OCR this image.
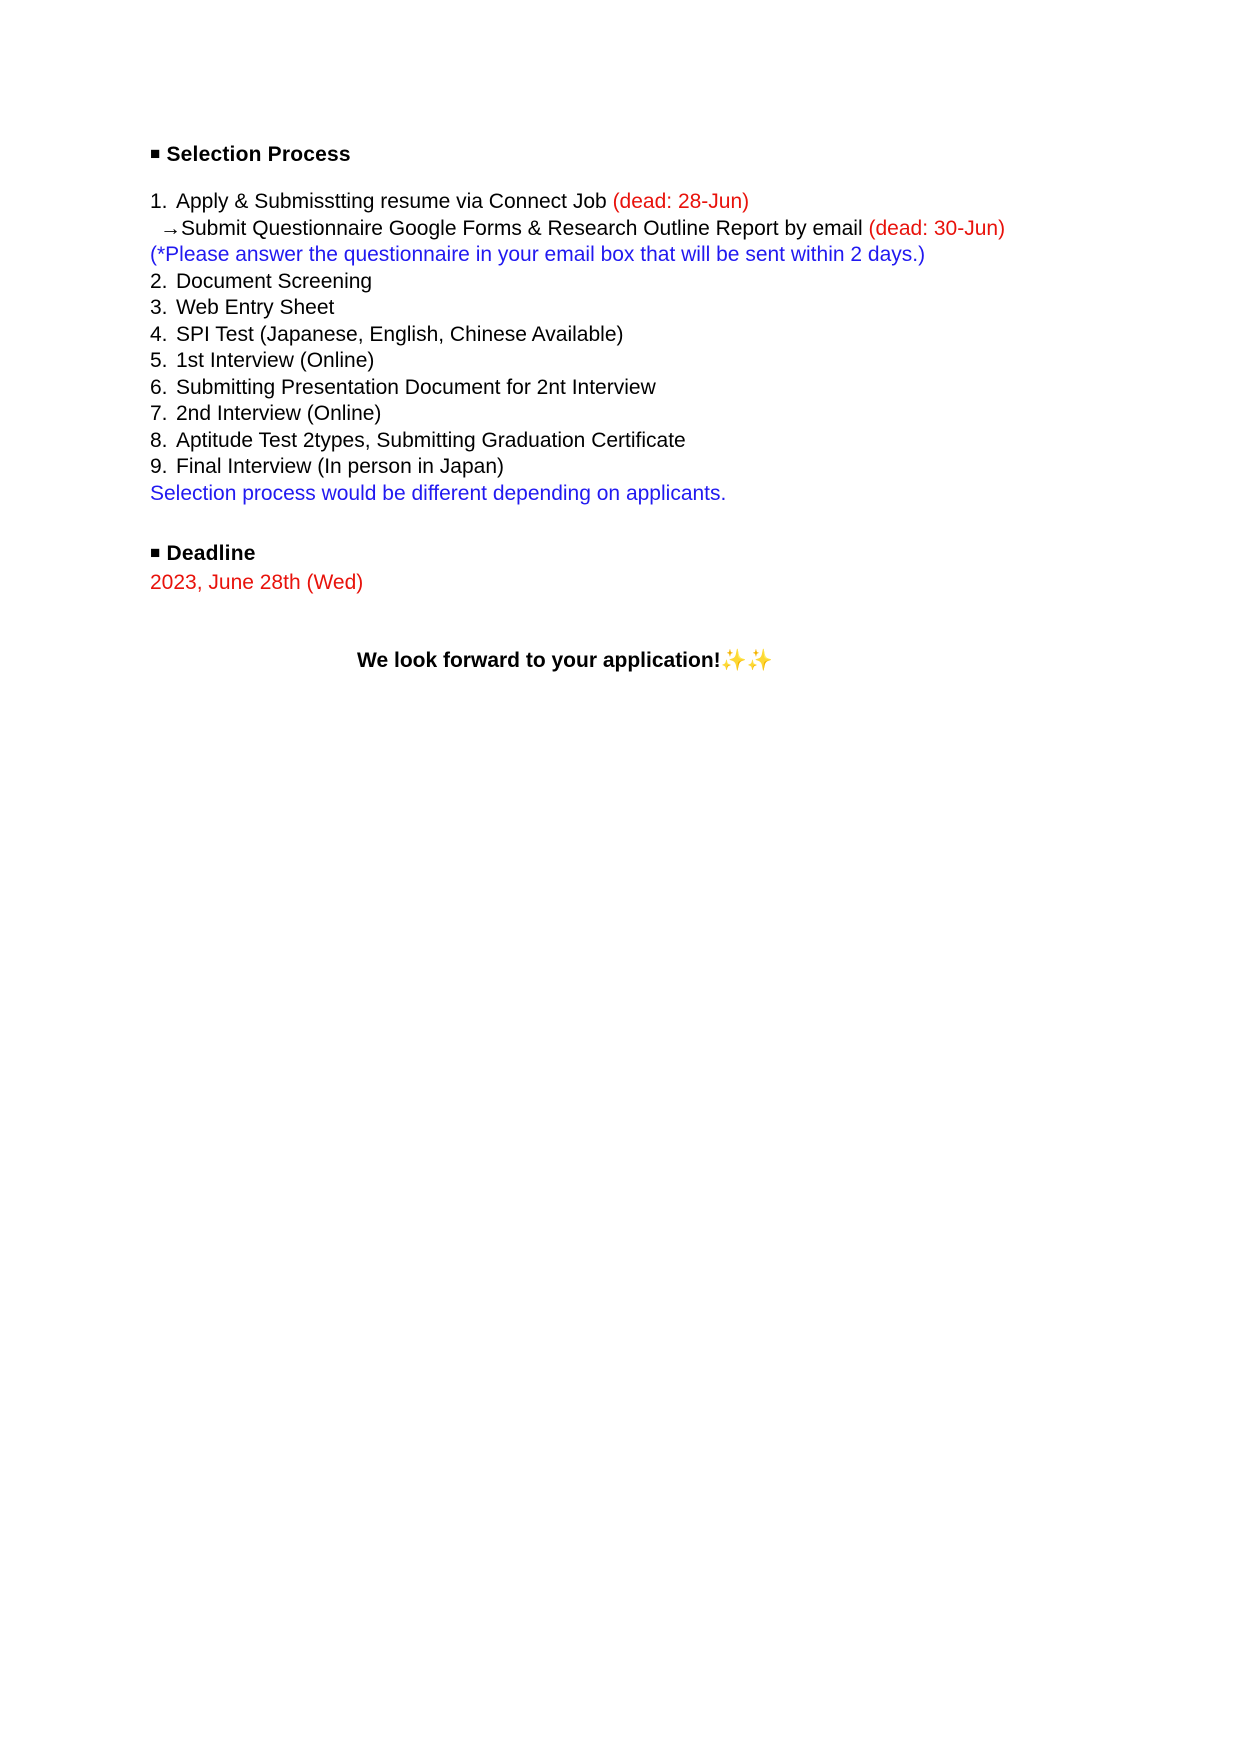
■ Selection Process
1. Apply & Submisstting resume via Connect Job (dead: 28-Jun)
→Submit Questionnaire Google Forms & Research Outline Report by email (dead: 30-Jun)
(*Please answer the questionnaire in your email box that will be sent within 2 days.)
2. Document Screening
3. Web Entry Sheet
4. SPI Test (Japanese, English, Chinese Available)
5. 1st Interview (Online)
6. Submitting Presentation Document for 2nt Interview
7. 2nd Interview (Online)
8. Aptitude Test 2types, Submitting Graduation Certificate
9. Final Interview (In person in Japan)
Selection process would be different depending on applicants.
■ Deadline
2023, June 28th (Wed)
We look forward to your application!✨✨
